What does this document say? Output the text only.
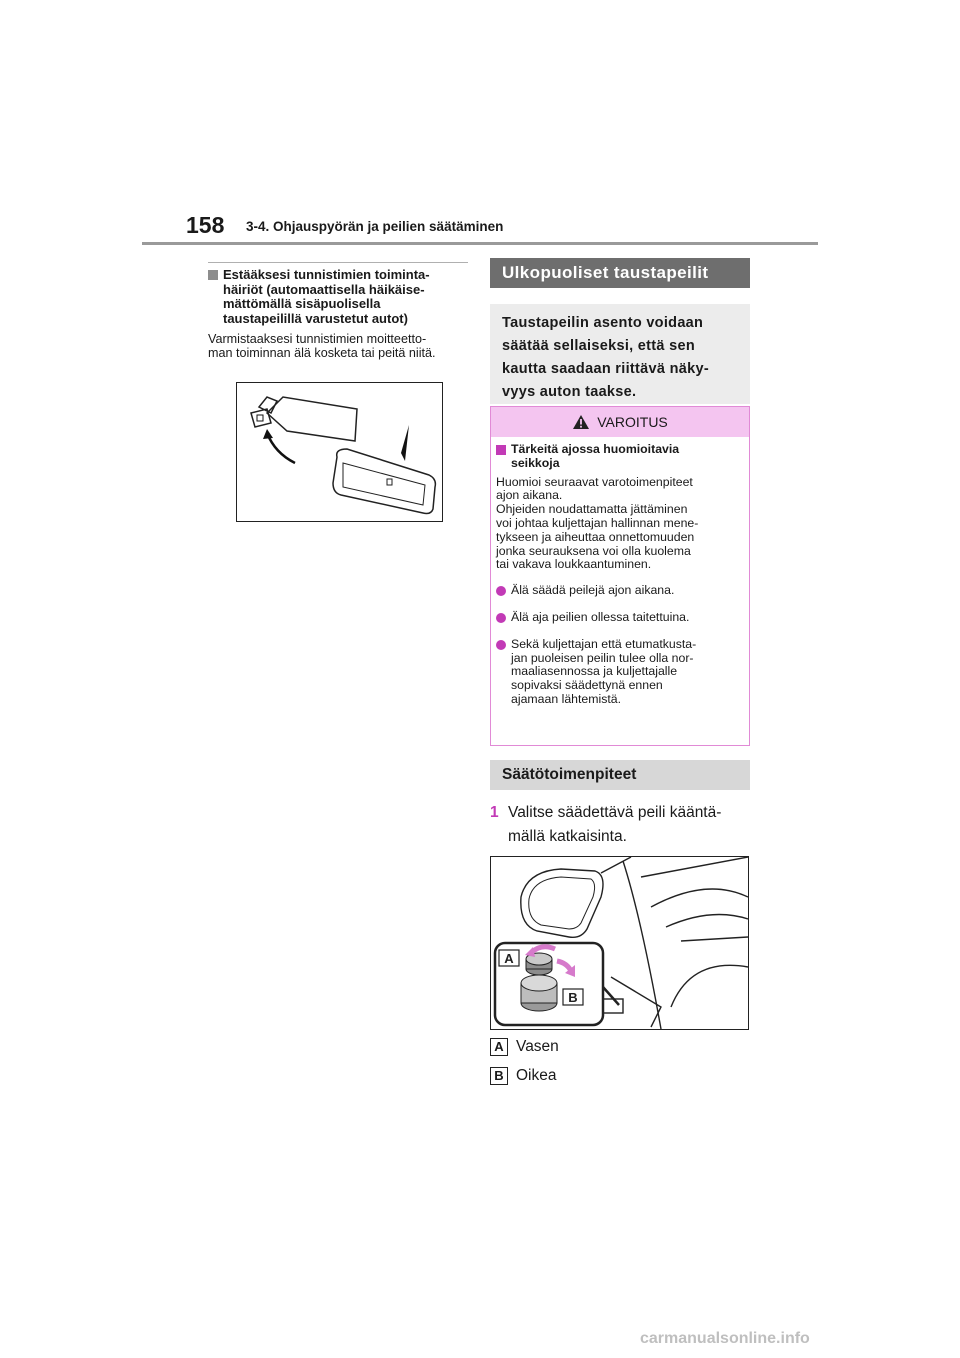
158 3-4. Ohjauspyörän ja peilien säätäminen
Estääksesi tunnistimien toiminta-
häiriöt (automaattisella häikäise-
mättömällä sisäpuolisella
taustapeilillä varustetut autot)
Varmistaaksesi tunnistimien moitteetto-
man toiminnan älä kosketa tai peitä niitä.
Ulkopuoliset taustapeilit
Taustapeilin asento voidaan
säätää sellaiseksi, että sen
kautta saadaan riittävä näky-
vyys auton taakse.
VAROITUS
Tärkeitä ajossa huomioitavia
seikkoja
Huomioi seuraavat varotoimenpiteet
ajon aikana.
Ohjeiden noudattamatta jättäminen
voi johtaa kuljettajan hallinnan mene-
tykseen ja aiheuttaa onnettomuuden
jonka seurauksena voi olla kuolema
tai vakava loukkaantuminen.
Älä säädä peilejä ajon aikana.
Älä aja peilien ollessa taitettuina.
Sekä kuljettajan että etumatkusta-
jan puoleisen peilin tulee olla nor-
maaliasennossa ja kuljettajalle
sopivaksi säädettynä ennen
ajamaan lähtemistä.
Säätötoimenpiteet
1 Valitse säädettävä peili kääntä-
mällä katkaisinta.
A
B
A Vasen
B Oikea
carmanualsonline.info
